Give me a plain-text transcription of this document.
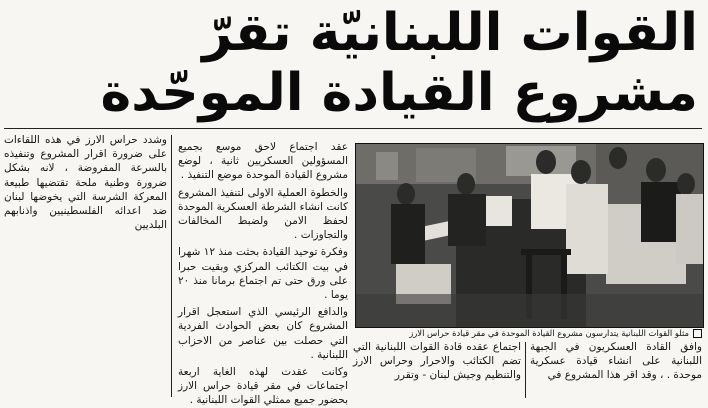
القوات اللبنانيّة تقرّ
مشروع القيادة الموحّدة

وشدد حراس الارز في هذه اللقاءات على ضرورة اقرار المشروع وتنفيذه بالسرعة المفروضة ، لانه بشكل ضرورة وطنية ملحة تقتضيها طبيعة المعركة الشرسة التي يخوضها لبنان ضد اعدائه الفلسطينيين واذنابهم البلديين

عقد اجتماع لاحق موسع بجميع المسؤولين العسكريين ثانية ، لوضع مشروع القيادة الموحدة موضع التنفيذ .

والخطوة العملية الاولى لتنفيذ المشروع كانت انشاء الشرطة العسكرية الموحدة لحفظ الامن ولضبط المخالفات والتجاوزات .

وفكرة توحيد القيادة بحثت منذ ١٢ شهرا في بيت الكتائب المركزي وبقيت حبرا على ورق حتى تم اجتماع برمانا منذ ٢٠ يوما .

والدافع الرئيسي الذي استعجل اقرار المشروع كان بعض الحوادث الفردية التي حصلت بين عناصر من الاحزاب اللبنانية .

وكانت عقدت لهذه الغاية اربعة اجتماعات في مقر قيادة حراس الارز بحضور جميع ممثلي القوات اللبنانية .

مثلو القوات اللبنانية يتدارسون مشروع القيادة الموحدة في مقر قيادة حراس الارز

اجتماع عقده قادة القوات اللبنانية التي تضم الكتائب والاحرار وحراس الارز والتنظيم وجيش لبنان - وتقرر

وافق القادة العسكريون في الجبهة اللبنانية على انشاء قيادة عسكرية موحدة . ، وقد اقر هذا المشروع في
